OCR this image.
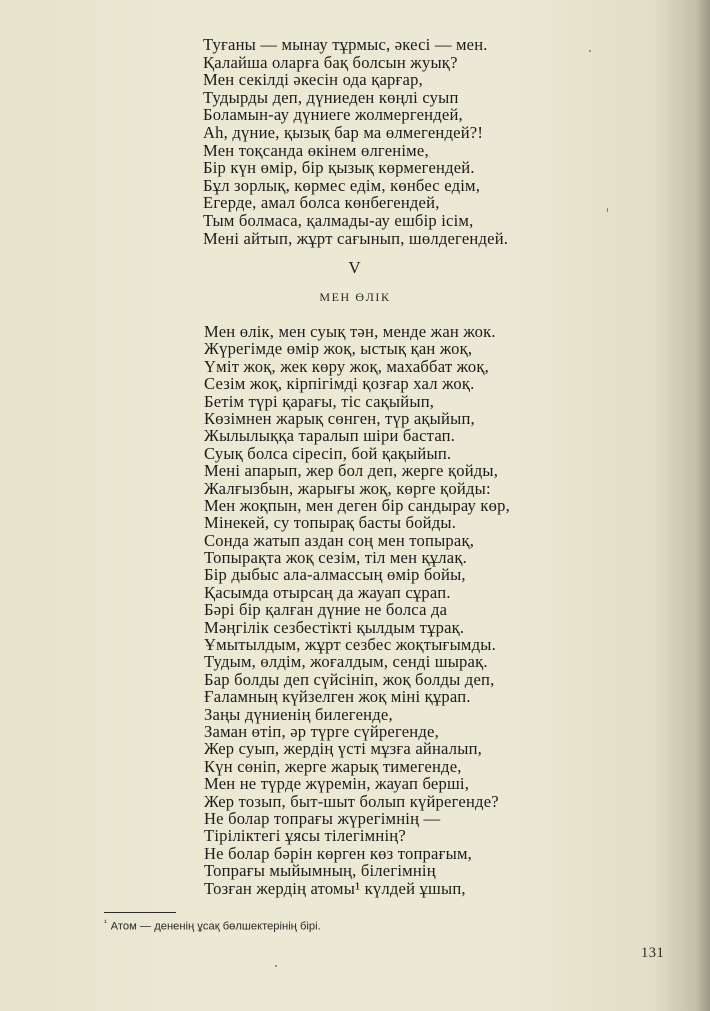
Туғаны — мынау тұрмыс, әкесі — мен.
Қалайша оларға бақ болсын жуық?
Мен секілді әкесін ода қарғар,
Тудырды деп, дүниеден көңлі суып
Боламын-ау дүниеге жолмергендей,
Ah, дүние, қызық бар ма өлмегендей?!
Мен тоқсанда өкінем өлгеніме,
Бір күн өмір, бір қызық көрмегендей.
Бұл зорлық, көрмес едім, көнбес едім,
Егерде, амал болса көнбегендей,
Тым болмаса, қалмады-ау ешбір ісім,
Мені айтып, жұрт сағынып, шөлдегендей.
V
МЕН ӨЛІК
Мен өлік, мен суық тән, менде жан жок.
Жүрегімде өмір жоқ, ыстық қан жоқ,
Үміт жоқ, жек көру жоқ, махаббат жоқ,
Сезім жоқ, кірпігімді қозғар хал жоқ.
Бетім түрі қарағы, тіс сақыйып,
Көзімнен жарық сөнген, түр ақыйып,
Жылылыққа таралып шіри бастап.
Суық болса сіресіп, бой қақыйып.
Мені апарып, жер бол деп, жерге қойды,
Жалғызбын, жарығы жоқ, көрге қойды:
Мен жоқпын, мен деген бір сандырау көр,
Мінекей, су топырақ басты бойды.
Сонда жатып аздан соң мен топырақ,
Топырақта жоқ сезім, тіл мен құлақ.
Бір дыбыс ала-алмассың өмір бойы,
Қасымда отырсаң да жауап сұрап.
Бәрі бір қалған дүние не болса да
Мәңгілік сезбестікті қылдым тұрақ.
Ұмытылдым, жұрт сезбес жоқтығымды.
Тудым, өлдім, жоғалдым, сенді шырақ.
Бар болды деп сүйсініп, жоқ болды деп,
Ғаламның күйзелген жоқ міні құрап.
Заңы дүниенің билегенде,
Заман өтіп, әр түрге сүйрегенде,
Жер суып, жердің үсті мұзға айналып,
Күн сөніп, жерге жарық тимегенде,
Мен не түрде жүремін, жауап берші,
Жер тозып, быт-шыт болып күйрегенде?
Не болар топрағы жүрегімнің —
Тіріліктегі ұясы тілегімнің?
Не болар бәрін көрген көз топрағым,
Топрағы мыйымның, білегімнің
Тозған жердің атомы¹ күлдей ұшып,
$^{^1}$ Атом — дененің ұсақ бөлшектерінің бірі.
131
